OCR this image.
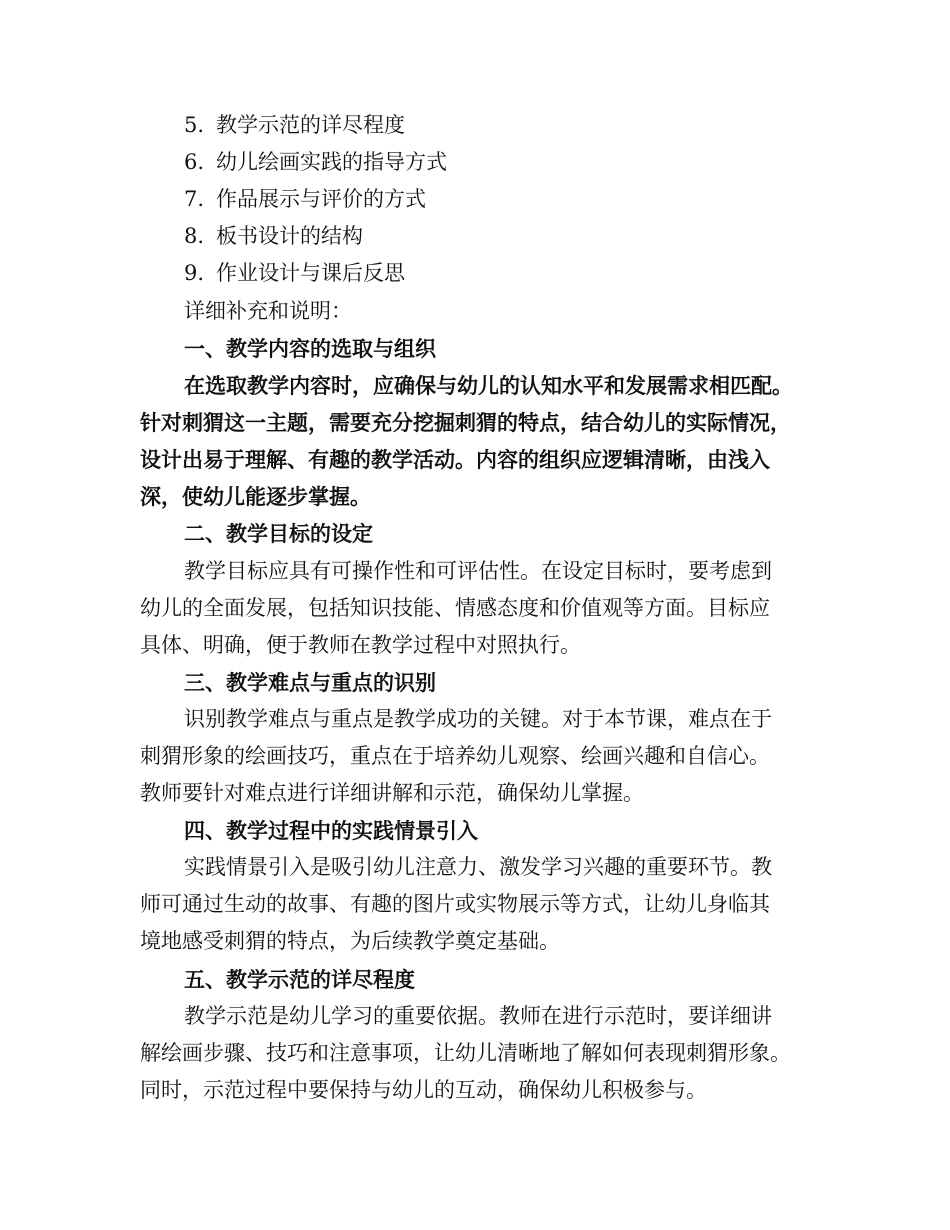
5. 教学示范的详尽程度
6. 幼儿绘画实践的指导方式
7. 作品展示与评价的方式
8. 板书设计的结构
9. 作业设计与课后反思
详细补充和说明：
一、教学内容的选取与组织
在选取教学内容时，应确保与幼儿的认知水平和发展需求相匹配。
针对刺猬这一主题，需要充分挖掘刺猬的特点，结合幼儿的实际情况，
设计出易于理解、有趣的教学活动。内容的组织应逻辑清晰，由浅入
深，使幼儿能逐步掌握。
二、教学目标的设定
教学目标应具有可操作性和可评估性。在设定目标时，要考虑到
幼儿的全面发展，包括知识技能、情感态度和价值观等方面。目标应
具体、明确，便于教师在教学过程中对照执行。
三、教学难点与重点的识别
识别教学难点与重点是教学成功的关键。对于本节课，难点在于
刺猬形象的绘画技巧，重点在于培养幼儿观察、绘画兴趣和自信心。
教师要针对难点进行详细讲解和示范，确保幼儿掌握。
四、教学过程中的实践情景引入
实践情景引入是吸引幼儿注意力、激发学习兴趣的重要环节。教
师可通过生动的故事、有趣的图片或实物展示等方式，让幼儿身临其
境地感受刺猬的特点，为后续教学奠定基础。
五、教学示范的详尽程度
教学示范是幼儿学习的重要依据。教师在进行示范时，要详细讲
解绘画步骤、技巧和注意事项，让幼儿清晰地了解如何表现刺猬形象。
同时，示范过程中要保持与幼儿的互动，确保幼儿积极参与。
